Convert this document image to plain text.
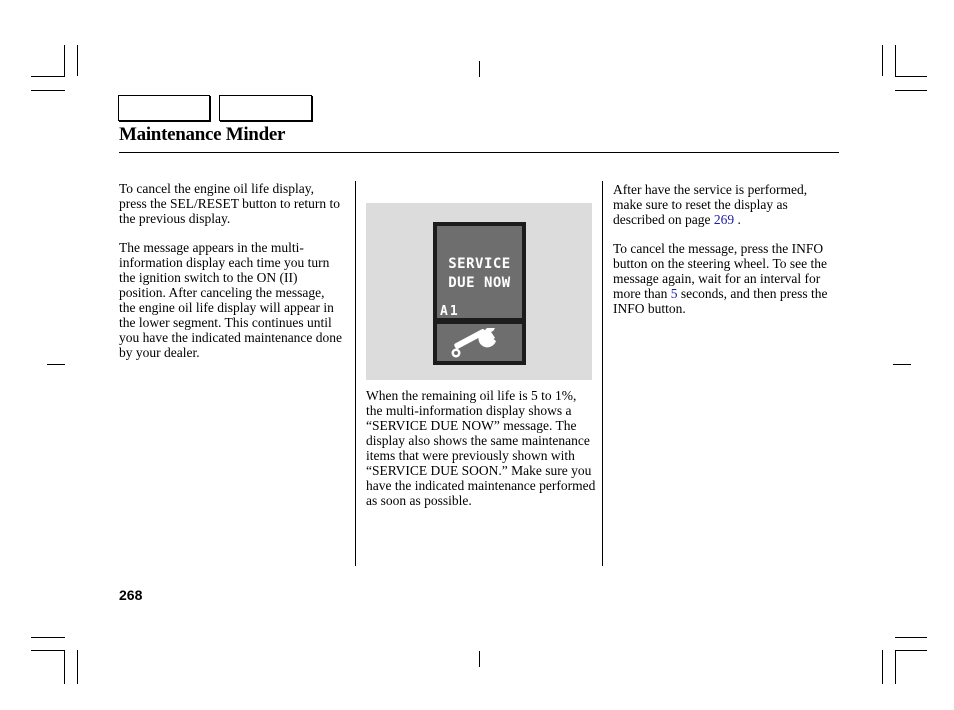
Maintenance Minder

To cancel the engine oil life display, press the SEL/RESET button to return to the previous display.

The message appears in the multi-information display each time you turn the ignition switch to the ON (II) position. After canceling the message, the engine oil life display will appear in the lower segment. This continues until you have the indicated maintenance done by your dealer.

SERVICE
DUE NOW
A1

When the remaining oil life is 5 to 1%, the multi-information display shows a “SERVICE DUE NOW” message. The display also shows the same maintenance items that were previously shown with “SERVICE DUE SOON.” Make sure you have the indicated maintenance performed as soon as possible.

After have the service is performed, make sure to reset the display as described on page 269 .

To cancel the message, press the INFO button on the steering wheel. To see the message again, wait for an interval for more than 5 seconds, and then press the INFO button.

268
